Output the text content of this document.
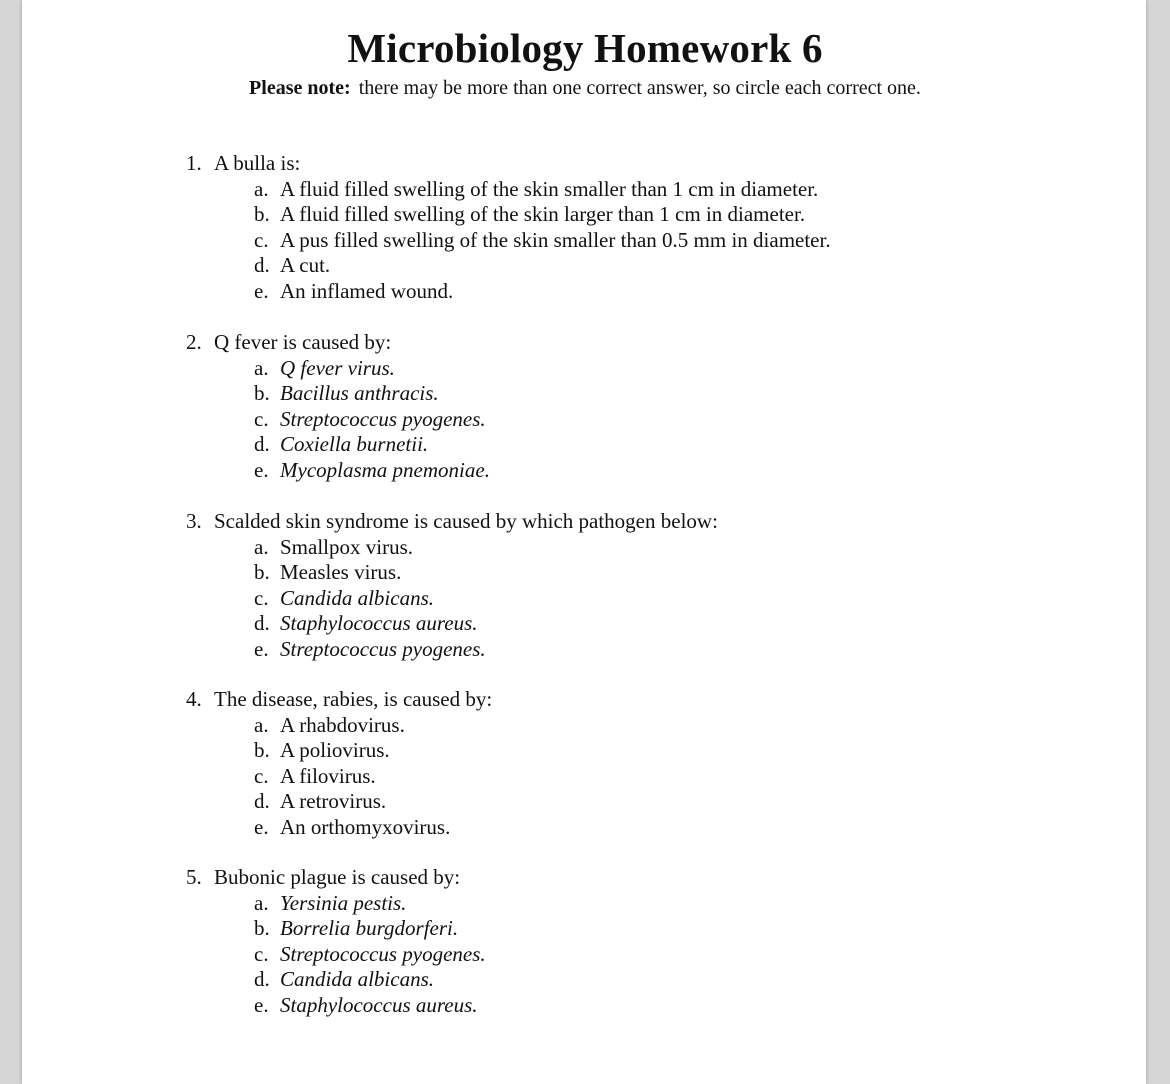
Microbiology Homework 6
Please note: there may be more than one correct answer, so circle each correct one.
1. A bulla is:
a. A fluid filled swelling of the skin smaller than 1 cm in diameter.
b. A fluid filled swelling of the skin larger than 1 cm in diameter.
c. A pus filled swelling of the skin smaller than 0.5 mm in diameter.
d. A cut.
e. An inflamed wound.
2. Q fever is caused by:
a. Q fever virus.
b. Bacillus anthracis.
c. Streptococcus pyogenes.
d. Coxiella burnetii.
e. Mycoplasma pnemoniae.
3. Scalded skin syndrome is caused by which pathogen below:
a. Smallpox virus.
b. Measles virus.
c. Candida albicans.
d. Staphylococcus aureus.
e. Streptococcus pyogenes.
4. The disease, rabies, is caused by:
a. A rhabdovirus.
b. A poliovirus.
c. A filovirus.
d. A retrovirus.
e. An orthomyxovirus.
5. Bubonic plague is caused by:
a. Yersinia pestis.
b. Borrelia burgdorferi.
c. Streptococcus pyogenes.
d. Candida albicans.
e. Staphylococcus aureus.
